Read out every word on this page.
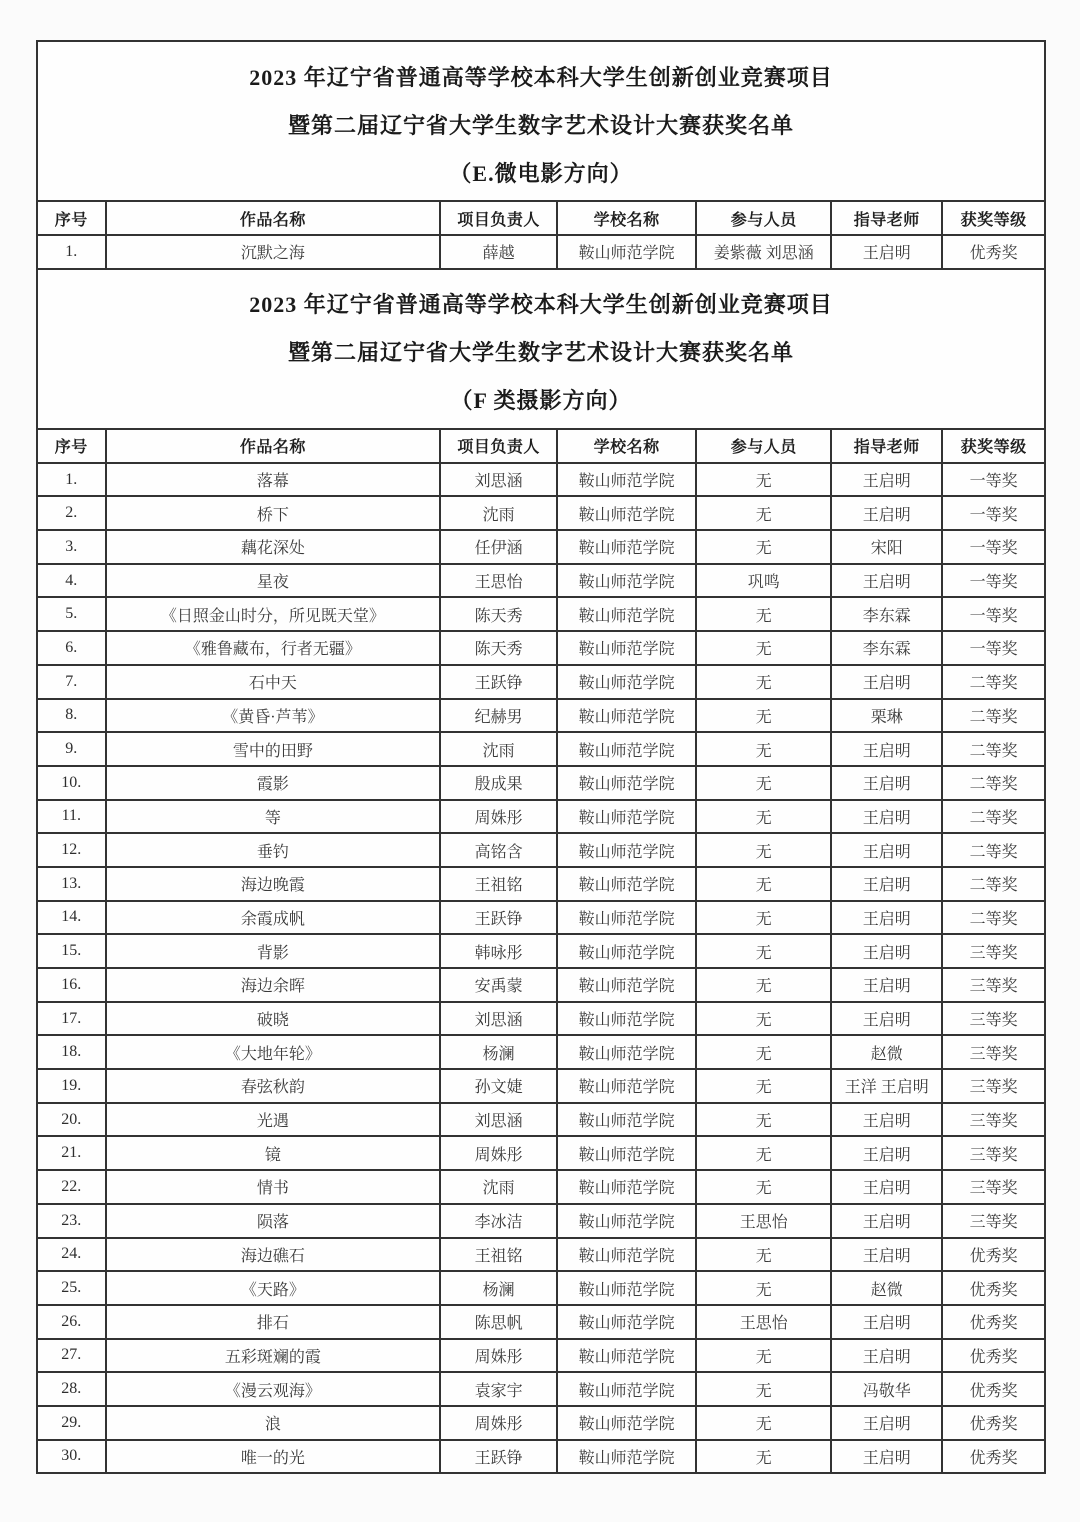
2023 年辽宁省普通高等学校本科大学生创新创业竞赛项目
暨第二届辽宁省大学生数字艺术设计大赛获奖名单
（E.微电影方向）						

序号	作品名称	项目负责人	学校名称	参与人员	指导老师	获奖等级
1.	沉默之海	薛越	鞍山师范学院	姜紫薇 刘思涵	王启明	优秀奖

2023 年辽宁省普通高等学校本科大学生创新创业竞赛项目
暨第二届辽宁省大学生数字艺术设计大赛获奖名单
（F 类摄影方向）						

序号	作品名称	项目负责人	学校名称	参与人员	指导老师	获奖等级
1.	落幕	刘思涵	鞍山师范学院	无	王启明	一等奖
2.	桥下	沈雨	鞍山师范学院	无	王启明	一等奖
3.	藕花深处	任伊涵	鞍山师范学院	无	宋阳	一等奖
4.	星夜	王思怡	鞍山师范学院	巩鸣	王启明	一等奖
5.	《日照金山时分，所见既天堂》	陈天秀	鞍山师范学院	无	李东霖	一等奖
6.	《雅鲁藏布，行者无疆》	陈天秀	鞍山师范学院	无	李东霖	一等奖
7.	石中天	王跃铮	鞍山师范学院	无	王启明	二等奖
8.	《黄昏·芦苇》	纪赫男	鞍山师范学院	无	栗琳	二等奖
9.	雪中的田野	沈雨	鞍山师范学院	无	王启明	二等奖
10.	霞影	殷成果	鞍山师范学院	无	王启明	二等奖
11.	等	周姝彤	鞍山师范学院	无	王启明	二等奖
12.	垂钓	高铭含	鞍山师范学院	无	王启明	二等奖
13.	海边晚霞	王祖铭	鞍山师范学院	无	王启明	二等奖
14.	余霞成帆	王跃铮	鞍山师范学院	无	王启明	二等奖
15.	背影	韩咏彤	鞍山师范学院	无	王启明	三等奖
16.	海边余晖	安禹蒙	鞍山师范学院	无	王启明	三等奖
17.	破晓	刘思涵	鞍山师范学院	无	王启明	三等奖
18.	《大地年轮》	杨澜	鞍山师范学院	无	赵微	三等奖
19.	春弦秋韵	孙文婕	鞍山师范学院	无	王洋 王启明	三等奖
20.	光遇	刘思涵	鞍山师范学院	无	王启明	三等奖
21.	镜	周姝彤	鞍山师范学院	无	王启明	三等奖
22.	情书	沈雨	鞍山师范学院	无	王启明	三等奖
23.	陨落	李冰洁	鞍山师范学院	王思怡	王启明	三等奖
24.	海边礁石	王祖铭	鞍山师范学院	无	王启明	优秀奖
25.	《天路》	杨澜	鞍山师范学院	无	赵微	优秀奖
26.	排石	陈思帆	鞍山师范学院	王思怡	王启明	优秀奖
27.	五彩斑斓的霞	周姝彤	鞍山师范学院	无	王启明	优秀奖
28.	《漫云观海》	袁家宇	鞍山师范学院	无	冯敬华	优秀奖
29.	浪	周姝彤	鞍山师范学院	无	王启明	优秀奖
30.	唯一的光	王跃铮	鞍山师范学院	无	王启明	优秀奖
